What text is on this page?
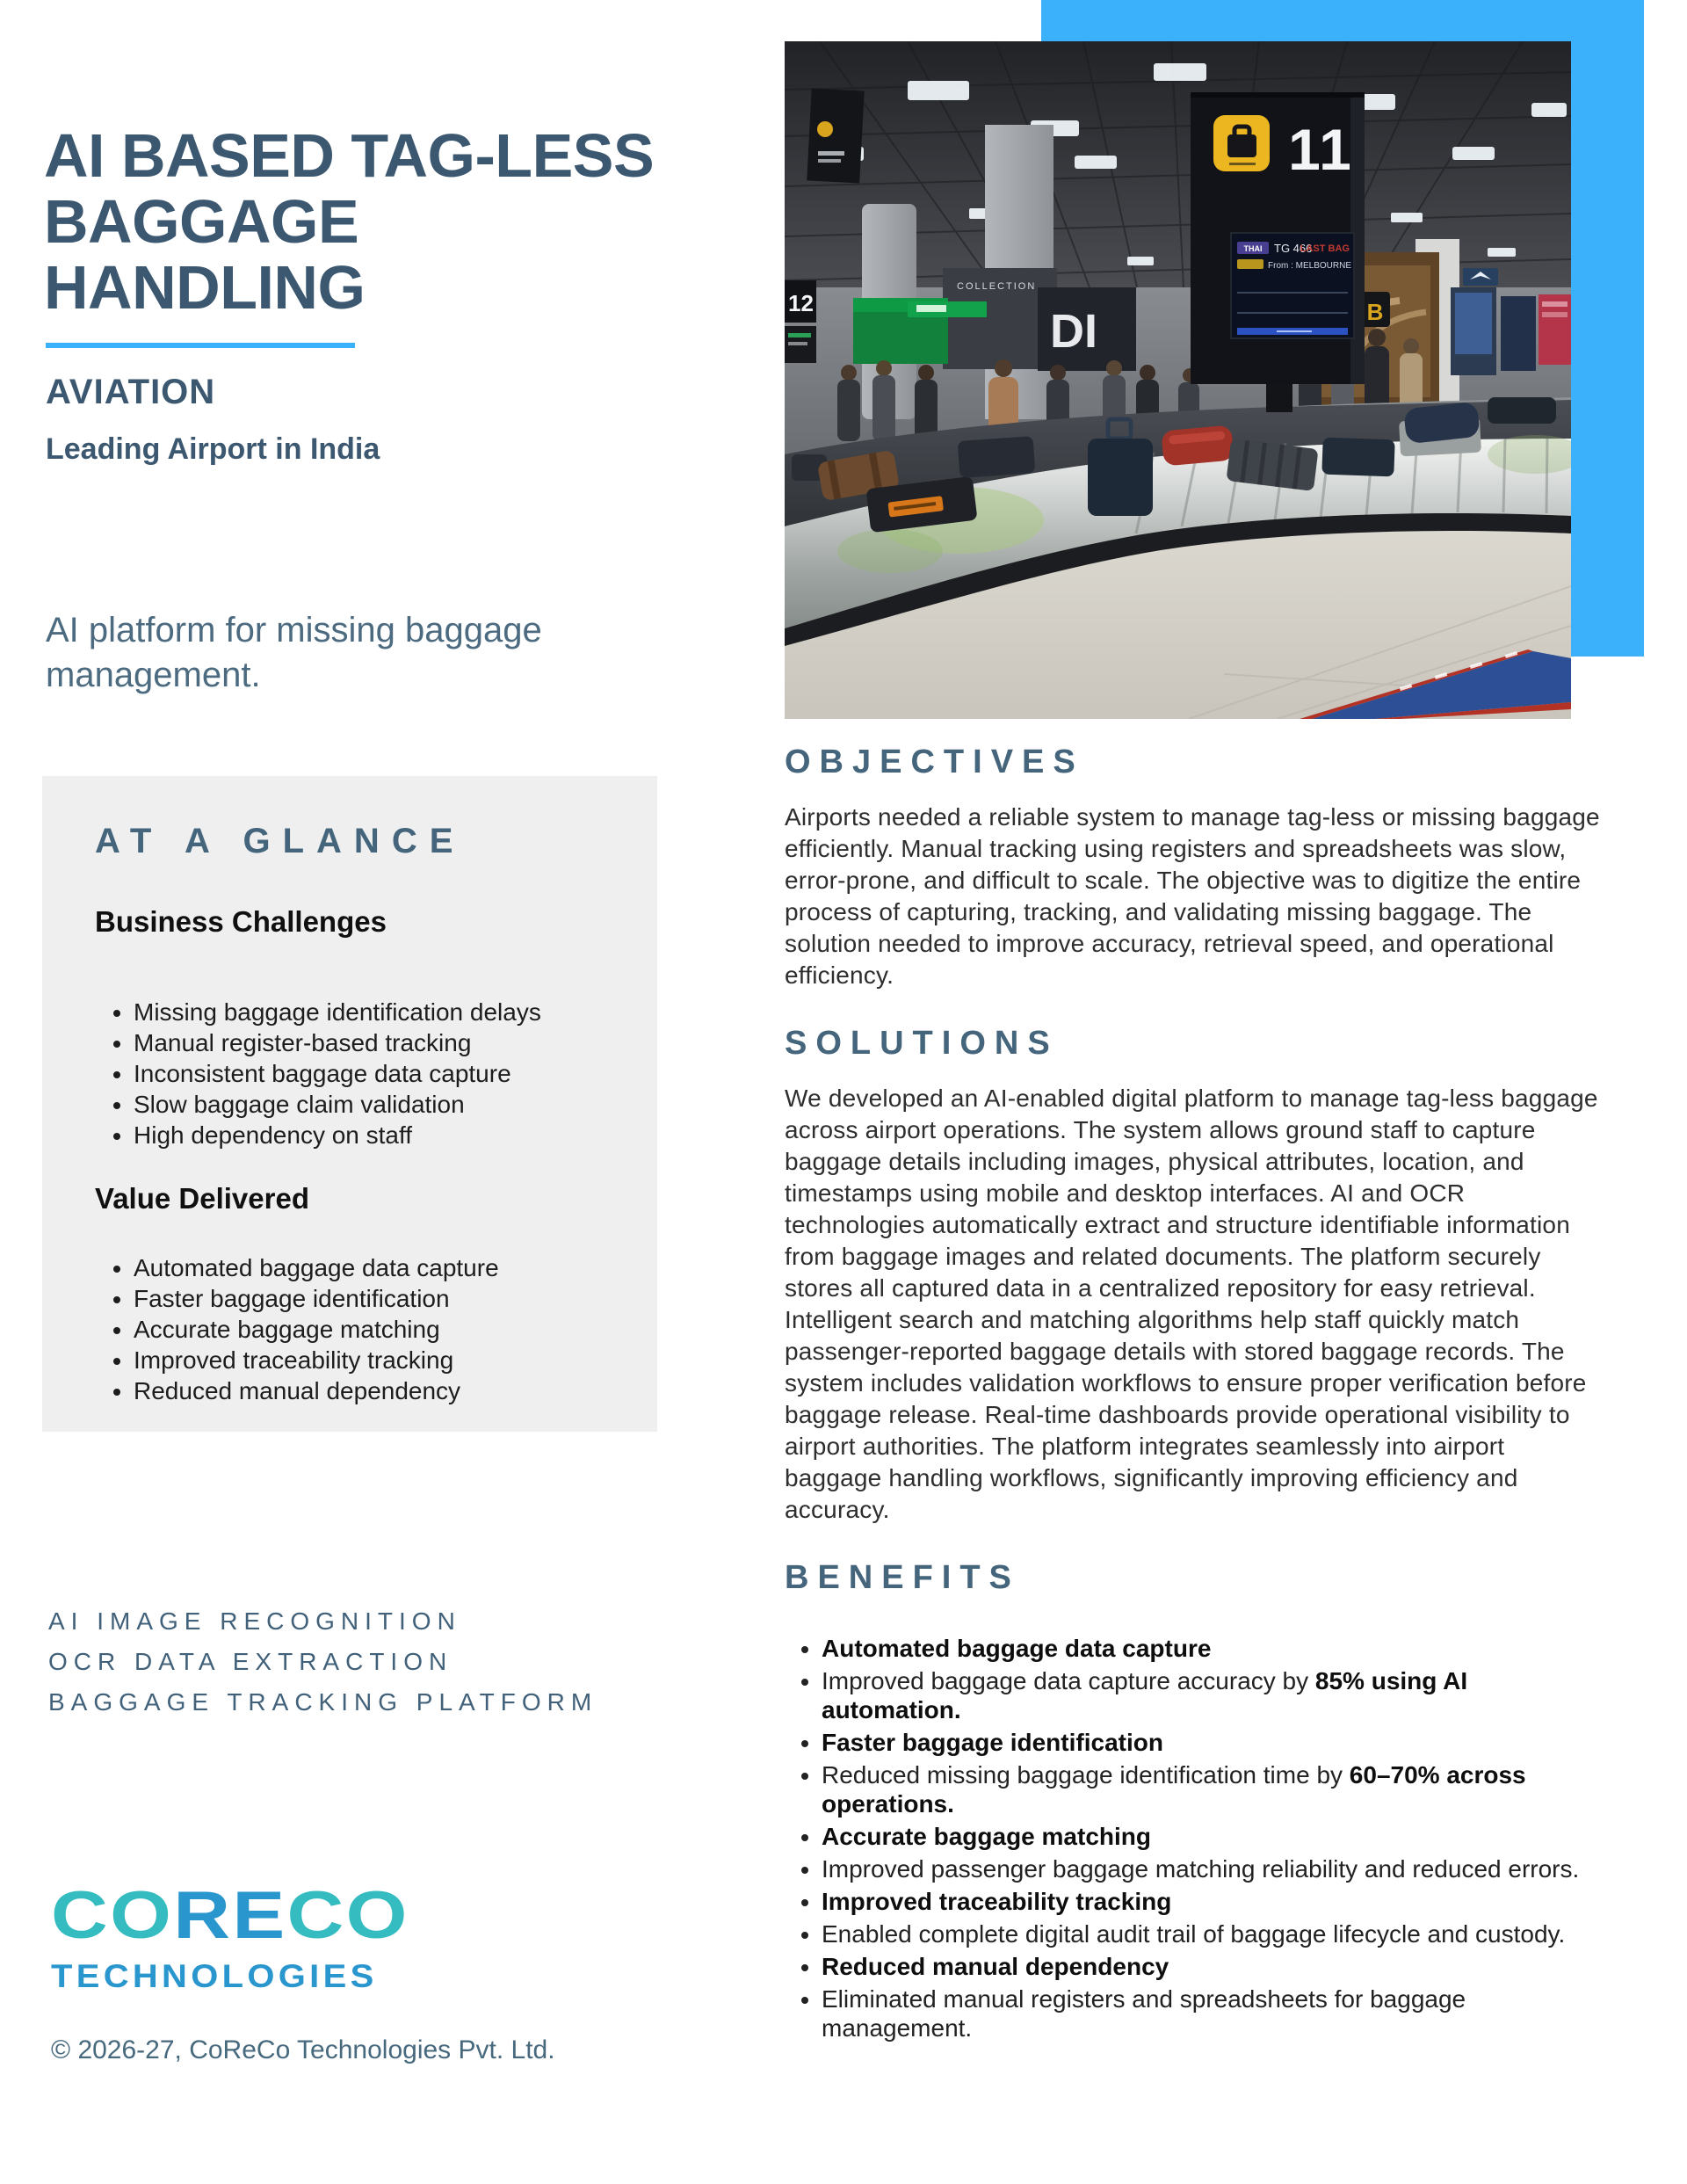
COLLECTION
DI	B
12
11
THAI TG 466
LAST BAG
From : MELBOURNE
AI BASED TAG-LESS
BAGGAGE
HANDLING
AVIATION
Leading Airport in India

AI platform for missing baggage management.

AT A GLANCE
Business Challenges
• Missing baggage identification delays
• Manual register-based tracking
• Inconsistent baggage data capture
• Slow baggage claim validation
• High dependency on staff
Value Delivered
• Automated baggage data capture
• Faster baggage identification
• Accurate baggage matching
• Improved traceability tracking
• Reduced manual dependency
AI IMAGE RECOGNITION
OCR DATA EXTRACTION
BAGGAGE TRACKING PLATFORM
CORECO
TECHNOLOGIES
© 2026-27, CoReCo Technologies Pvt. Ltd.
OBJECTIVES

Airports needed a reliable system to manage tag-less or missing baggage efficiently. Manual tracking using registers and spreadsheets was slow, error-prone, and difficult to scale. The objective was to digitize the entire process of capturing, tracking, and validating missing baggage. The solution needed to improve accuracy, retrieval speed, and operational efficiency.

SOLUTIONS

We developed an AI-enabled digital platform to manage tag-less baggage across airport operations. The system allows ground staff to capture baggage details including images, physical attributes, location, and timestamps using mobile and desktop interfaces. AI and OCR technologies automatically extract and structure identifiable information from baggage images and related documents. The platform securely stores all captured data in a centralized repository for easy retrieval. Intelligent search and matching algorithms help staff quickly match passenger-reported baggage details with stored baggage records. The system includes validation workflows to ensure proper verification before baggage release. Real-time dashboards provide operational visibility to airport authorities. The platform integrates seamlessly into airport baggage handling workflows, significantly improving efficiency and accuracy.

BENEFITS
• Automated baggage data capture
• Improved baggage data capture accuracy by 85% using AI automation.
• Faster baggage identification
• Reduced missing baggage identification time by 60–70% across operations.
• Accurate baggage matching
• Improved passenger baggage matching reliability and reduced errors.
• Improved traceability tracking
• Enabled complete digital audit trail of baggage lifecycle and custody.
• Reduced manual dependency
• Eliminated manual registers and spreadsheets for baggage management.
